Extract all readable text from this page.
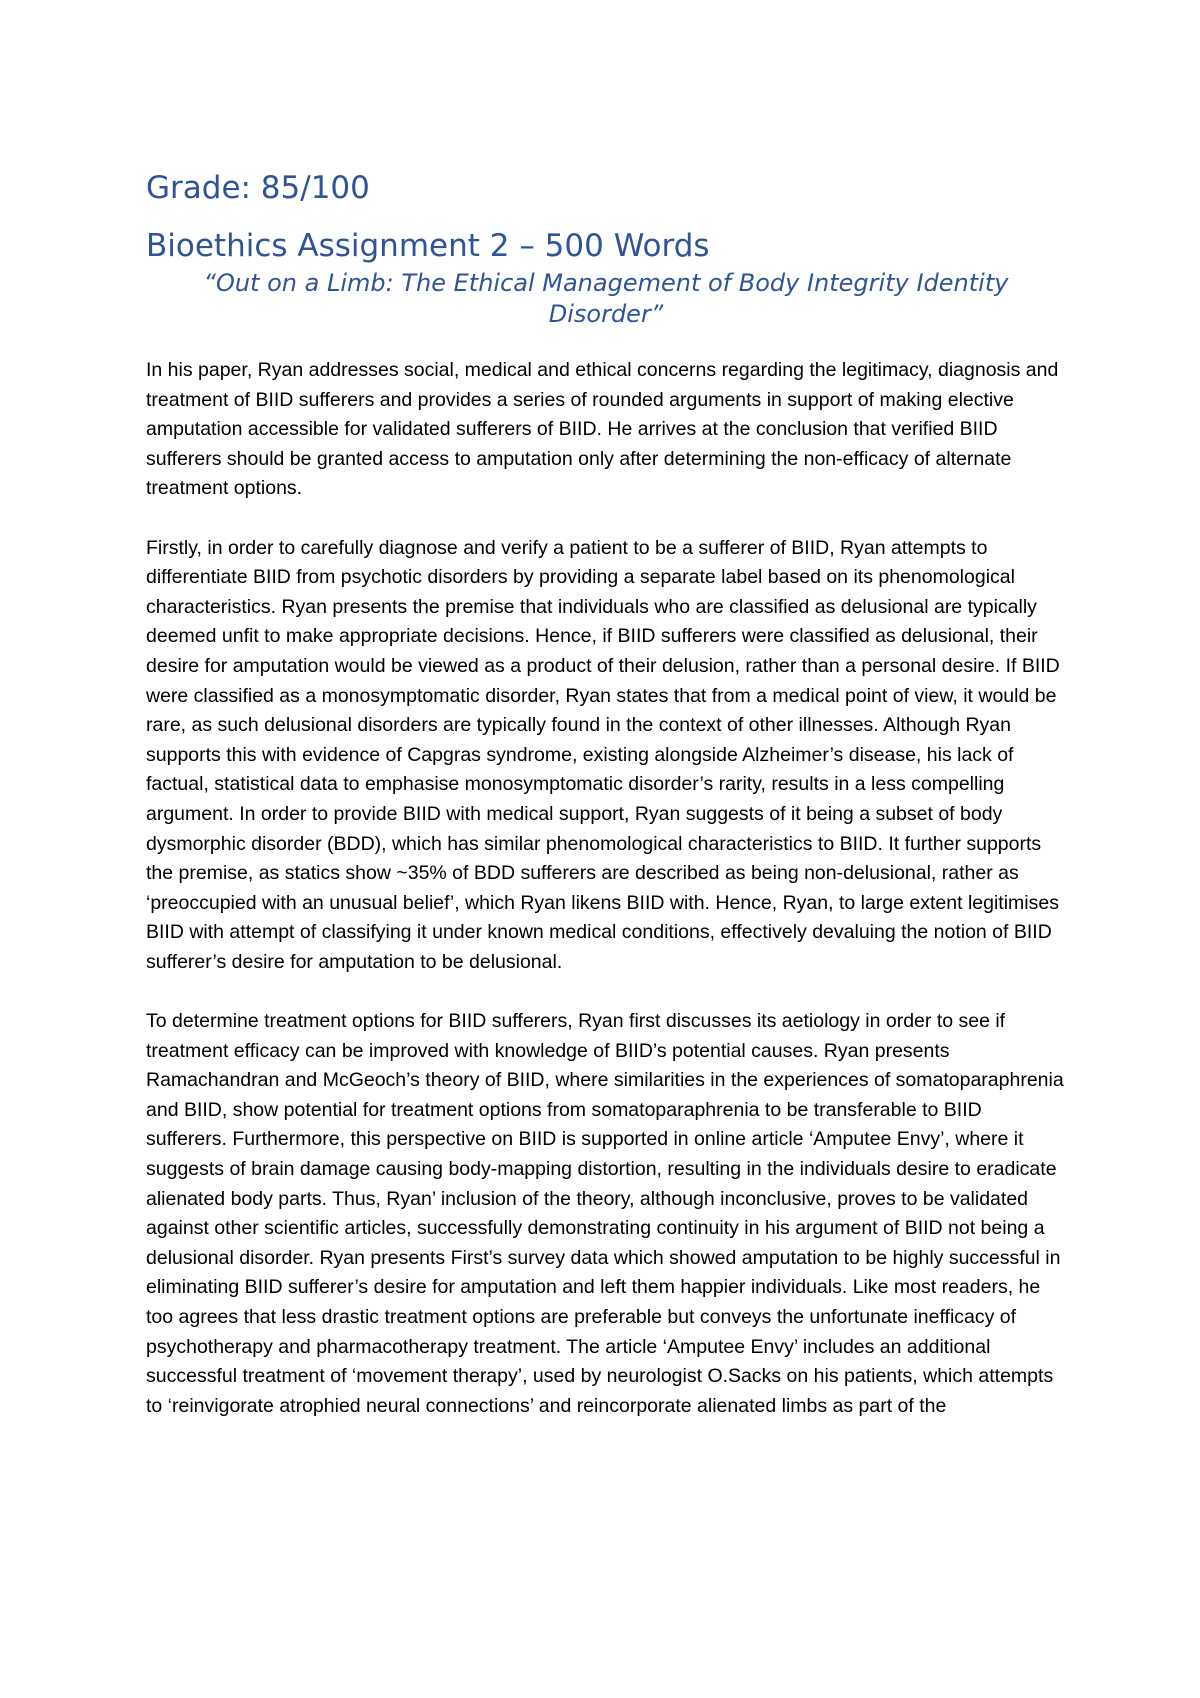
Grade: 85/100
Bioethics Assignment 2 – 500 Words
“Out on a Limb: The Ethical Management of Body Integrity Identity Disorder”

In his paper, Ryan addresses social, medical and ethical concerns regarding the legitimacy, diagnosis and treatment of BIID sufferers and provides a series of rounded arguments in support of making elective amputation accessible for validated sufferers of BIID. He arrives at the conclusion that verified BIID sufferers should be granted access to amputation only after determining the non-efficacy of alternate treatment options.

Firstly, in order to carefully diagnose and verify a patient to be a sufferer of BIID, Ryan attempts to differentiate BIID from psychotic disorders by providing a separate label based on its phenomological characteristics. Ryan presents the premise that individuals who are classified as delusional are typically deemed unfit to make appropriate decisions. Hence, if BIID sufferers were classified as delusional, their desire for amputation would be viewed as a product of their delusion, rather than a personal desire. If BIID were classified as a monosymptomatic disorder, Ryan states that from a medical point of view, it would be rare, as such delusional disorders are typically found in the context of other illnesses. Although Ryan supports this with evidence of Capgras syndrome, existing alongside Alzheimer’s disease, his lack of factual, statistical data to emphasise monosymptomatic disorder’s rarity, results in a less compelling argument. In order to provide BIID with medical support, Ryan suggests of it being a subset of body dysmorphic disorder (BDD), which has similar phenomological characteristics to BIID. It further supports the premise, as statics show ~35% of BDD sufferers are described as being non-delusional, rather as ‘preoccupied with an unusual belief’, which Ryan likens BIID with. Hence, Ryan, to large extent legitimises BIID with attempt of classifying it under known medical conditions, effectively devaluing the notion of BIID sufferer’s desire for amputation to be delusional.

To determine treatment options for BIID sufferers, Ryan first discusses its aetiology in order to see if treatment efficacy can be improved with knowledge of BIID’s potential causes. Ryan presents Ramachandran and McGeoch’s theory of BIID, where similarities in the experiences of somatoparaphrenia and BIID, show potential for treatment options from somatoparaphrenia to be transferable to BIID sufferers. Furthermore, this perspective on BIID is supported in online article ‘Amputee Envy’, where it suggests of brain damage causing body-mapping distortion, resulting in the individuals desire to eradicate alienated body parts. Thus, Ryan’ inclusion of the theory, although inconclusive, proves to be validated against other scientific articles, successfully demonstrating continuity in his argument of BIID not being a delusional disorder. Ryan presents First’s survey data which showed amputation to be highly successful in eliminating BIID sufferer’s desire for amputation and left them happier individuals. Like most readers, he too agrees that less drastic treatment options are preferable but conveys the unfortunate inefficacy of psychotherapy and pharmacotherapy treatment. The article ‘Amputee Envy’ includes an additional successful treatment of ‘movement therapy’, used by neurologist O.Sacks on his patients, which attempts to ‘reinvigorate atrophied neural connections’ and reincorporate alienated limbs as part of the
